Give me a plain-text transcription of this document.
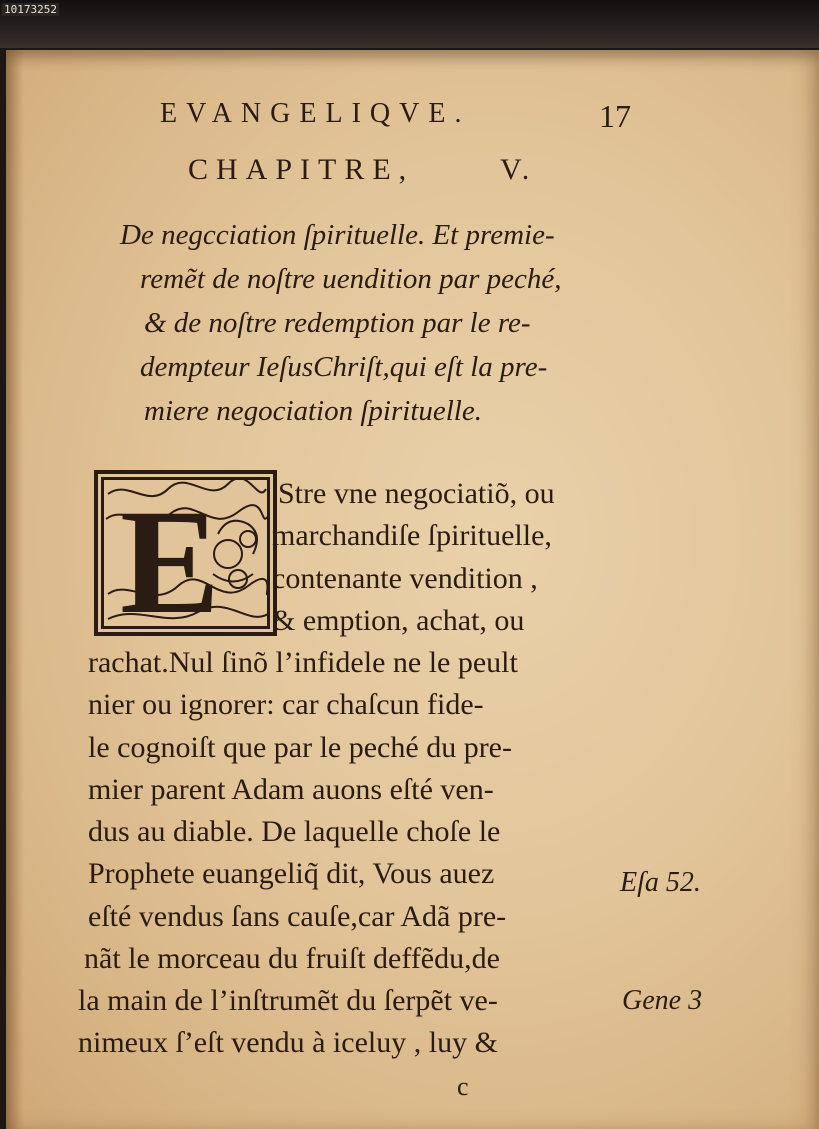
10173252
EVANGELIQVE.	17
CHAPITRE,	V.
De negcciation ſpirituelle. Et premie-
remẽt de noſtre uendition par peché,
& de noſtre redemption par le re-
dempteur IeſusChriſt,qui eſt la pre-
miere negociation ſpirituelle.
E Stre vne negociatiõ, ou
marchandiſe ſpirituelle,
contenante vendition ,
& emption, achat, ou
rachat.Nul ſinõ l’infidele ne le peult
nier ou ignorer: car chaſcun fide-
le cognoiſt que par le peché du pre-
mier parent Adam auons eſté ven-
dus au diable. De laquelle choſe le
Prophete euangeliq̃ dit, Vous auez
eſté vendus ſans cauſe,car Adã pre-
nãt le morceau du fruiſt deffẽdu,de
la main de l’inſtrumẽt du ſerpẽt ve-
nimeux ſ’eſt vendu à iceluy , luy &
Eſa 52.
Gene 3
c
